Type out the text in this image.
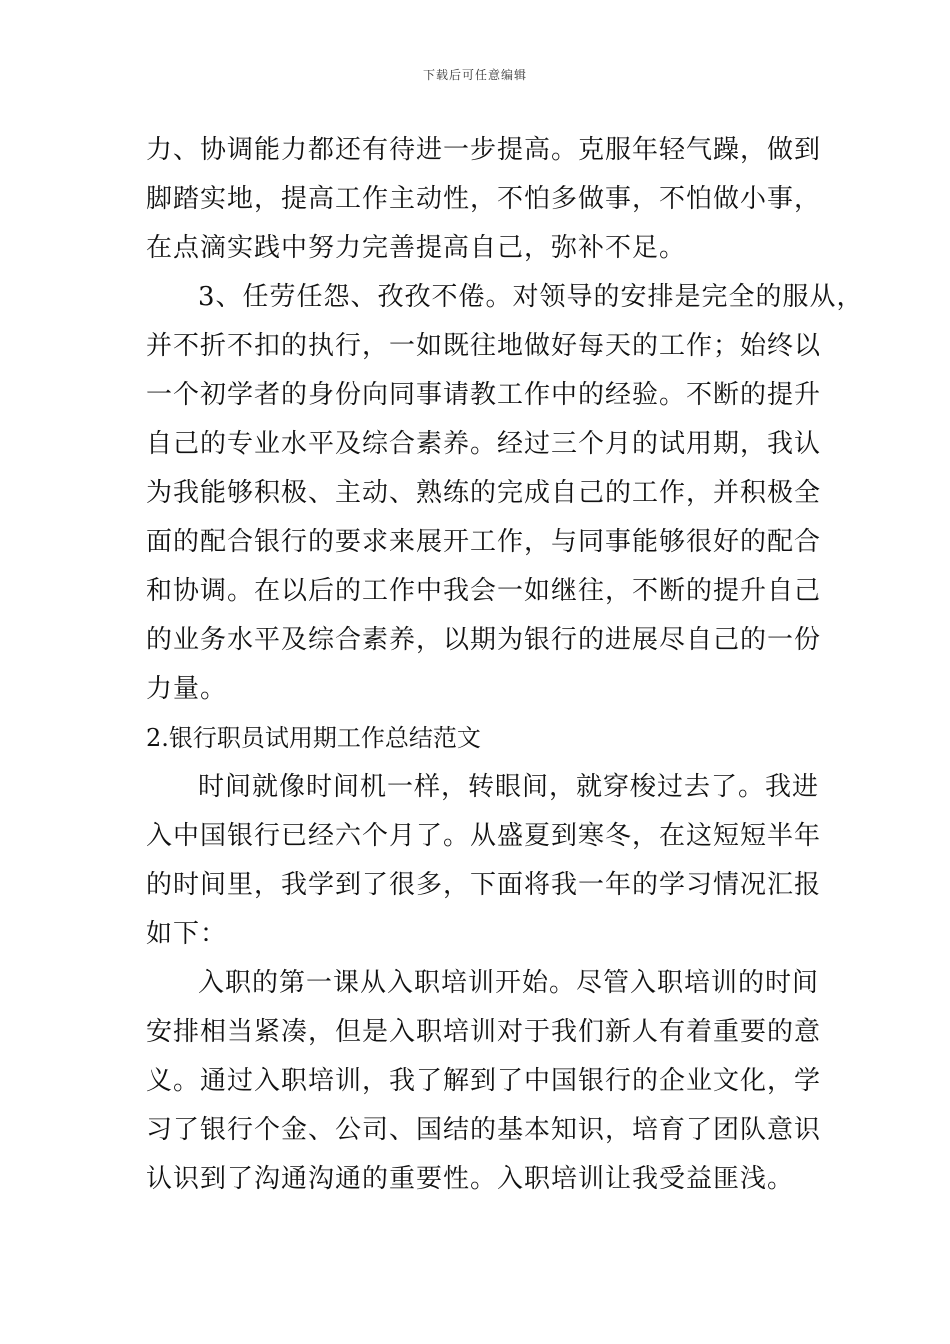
下载后可任意编辑
力、协调能力都还有待进一步提高。克服年轻气躁，做到
脚踏实地，提高工作主动性，不怕多做事，不怕做小事，
在点滴实践中努力完善提高自己，弥补不足。
3、任劳任怨、孜孜不倦。对领导的安排是完全的服从，
并不折不扣的执行，一如既往地做好每天的工作；始终以
一个初学者的身份向同事请教工作中的经验。不断的提升
自己的专业水平及综合素养。经过三个月的试用期，我认
为我能够积极、主动、熟练的完成自己的工作，并积极全
面的配合银行的要求来展开工作，与同事能够很好的配合
和协调。在以后的工作中我会一如继往，不断的提升自己
的业务水平及综合素养，以期为银行的进展尽自己的一份
力量。
2.银行职员试用期工作总结范文
时间就像时间机一样，转眼间，就穿梭过去了。我进
入中国银行已经六个月了。从盛夏到寒冬，在这短短半年
的时间里，我学到了很多，下面将我一年的学习情况汇报
如下：
入职的第一课从入职培训开始。尽管入职培训的时间
安排相当紧凑，但是入职培训对于我们新人有着重要的意
义。通过入职培训，我了解到了中国银行的企业文化，学
习了银行个金、公司、国结的基本知识，培育了团队意识
认识到了沟通沟通的重要性。入职培训让我受益匪浅。
